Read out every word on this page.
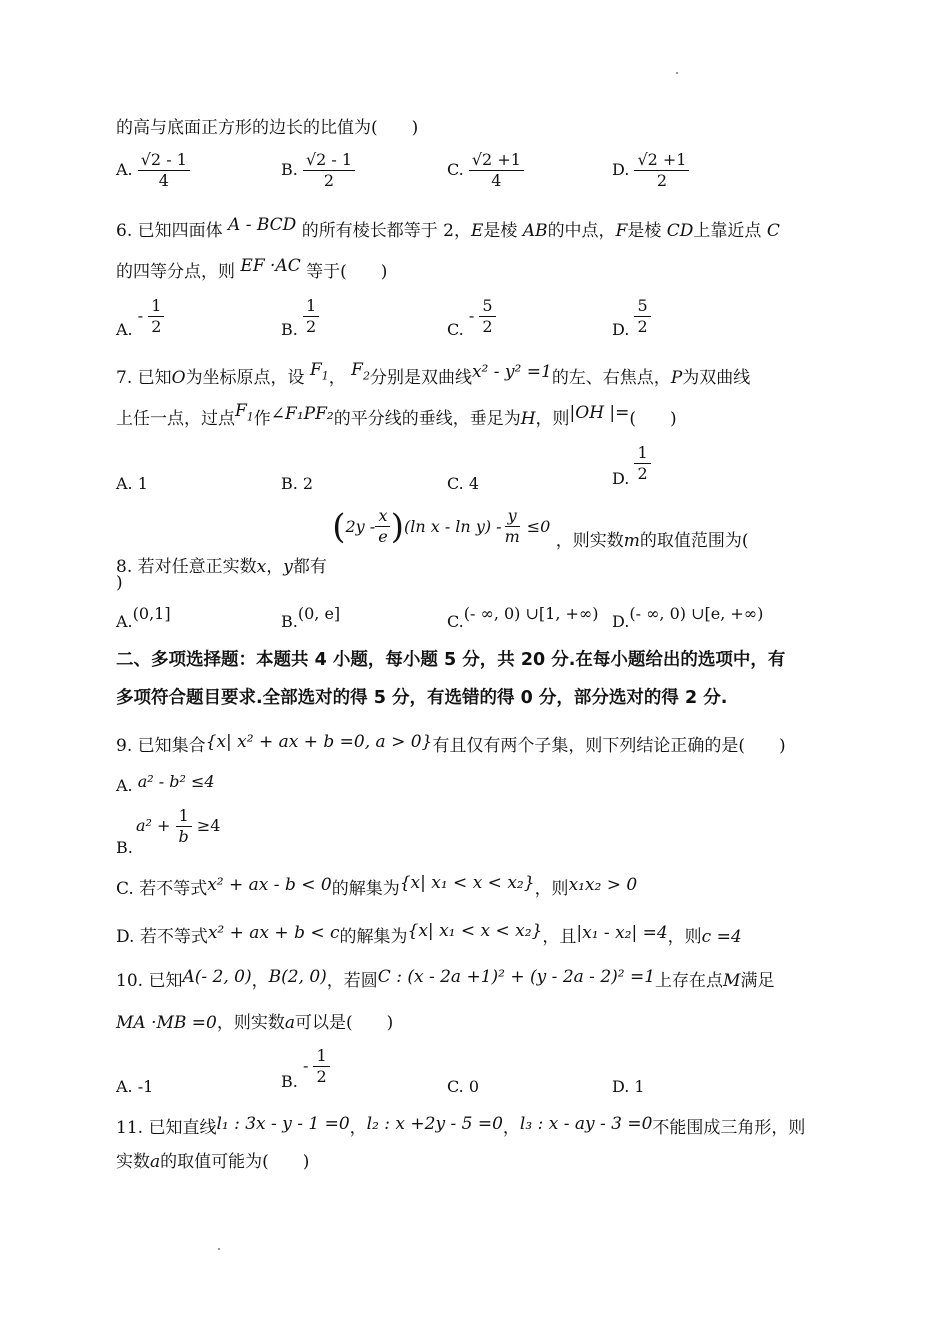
的高与底面正方形的边长的比值为(　　)
A. $\frac{√2 - 1}{4}$	B. $\frac{√2 - 1}{2}$	C. $\frac{√2 +1}{4}$	D. $\frac{√2 +1}{2}$
6. 已知四面体 A - BCD 的所有棱长都等于 2，E是棱 AB的中点，F是棱 CD上靠近点 C
的四等分点，则 EF ·AC 等于(　　)
A. - $\frac{1}{2}$	B. $\frac{1}{2}$	C. - $\frac{5}{2}$	D. $\frac{5}{2}$
7. 已知O为坐标原点，设 $F_1$， $F_2$分别是双曲线x² - y² =1的左、右焦点，P为双曲线
上任一点，过点$F_1$作∠F₁PF₂的平分线的垂线，垂足为H，则|OH |=(　　)
A. 1	B. 2	C. 4	D. $\frac{1}{2}$
8. 若对任意正实数x，y都有
( $2y - \frac{x}{e}$ ) (ln $x - \ln y) - \frac{y}{m} \le 0$
，则实数m的取值范围为(
)
A.(0,1]	B.(0, e]	C.(- ∞, 0) ∪[1, +∞) D.(- ∞, 0) ∪[e, +∞)
二、多项选择题：本题共 4 小题，每小题 5 分，共 20 分.在每小题给出的选项中，有
多项符合题目要求.全部选对的得 5 分，有选错的得 0 分，部分选对的得 2 分.
9. 已知集合{x| x² + ax + b =0, a > 0}有且仅有两个子集，则下列结论正确的是(　　)
A. a² - b² ≤4
$a^2 + \frac{1}{b} \ge 4$
B.
C. 若不等式x² + ax - b < 0的解集为{x| x₁ < x < x₂}，则x₁x₂ > 0
D. 若不等式x² + ax + b < c的解集为{x| x₁ < x < x₂}，且|x₁ - x₂| =4，则c =4
10. 已知A(- 2, 0)，B(2, 0)，若圆C : (x - 2a +1)² + (y - 2a - 2)² =1上存在点M满足
MA ·MB =0，则实数a可以是(　　)
A. -1	B. - $\frac{1}{2}$	C. 0	D. 1
11. 已知直线l₁ : 3x - y - 1 =0，l₂ : x +2y - 5 =0，l₃ : x - ay - 3 =0不能围成三角形，则
实数a的取值可能为(　　)
